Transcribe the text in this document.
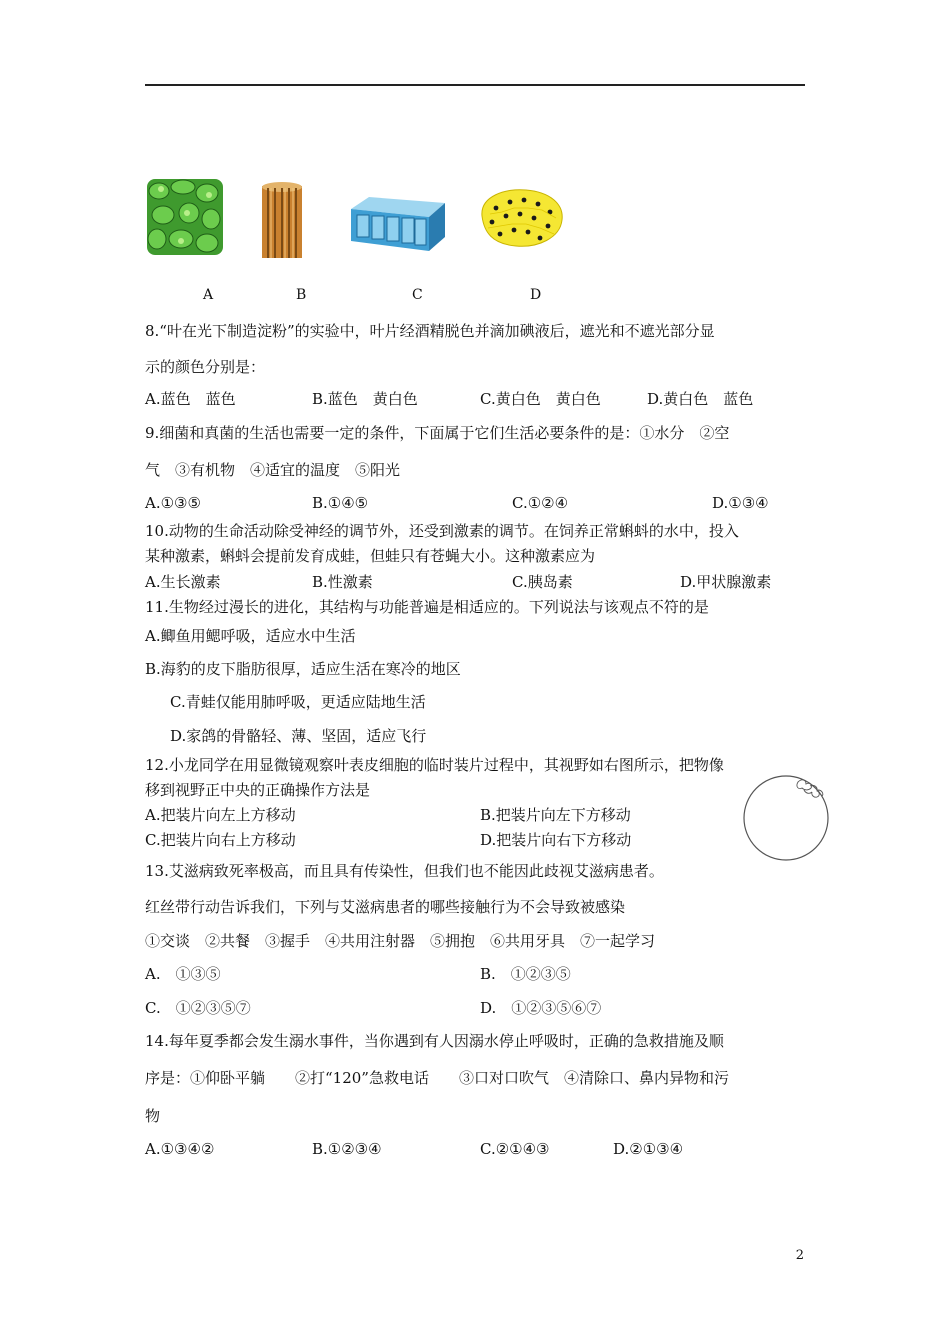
A	B	C	D
8.“叶在光下制造淀粉”的实验中，叶片经酒精脱色并滴加碘液后，遮光和不遮光部分显
示的颜色分别是：
A.蓝色　蓝色	B.蓝色　黄白色	C.黄白色　黄白色	D.黄白色　蓝色
9.细菌和真菌的生活也需要一定的条件，下面属于它们生活必要条件的是：①水分　②空
气　③有机物　④适宜的温度　⑤阳光
A.①③⑤	B.①④⑤	C.①②④	D.①③④
10.动物的生命活动除受神经的调节外，还受到激素的调节。在饲养正常蝌蚪的水中，投入
某种激素，蝌蚪会提前发育成蛙，但蛙只有苍蝇大小。这种激素应为
A.生长激素	B.性激素	C.胰岛素	D.甲状腺激素
11.生物经过漫长的进化，其结构与功能普遍是相适应的。下列说法与该观点不符的是
A.鲫鱼用鳃呼吸，适应水中生活
B.海豹的皮下脂肪很厚，适应生活在寒冷的地区
C.青蛙仅能用肺呼吸，更适应陆地生活
D.家鸽的骨骼轻、薄、坚固，适应飞行
12.小龙同学在用显微镜观察叶表皮细胞的临时装片过程中，其视野如右图所示，把物像
移到视野正中央的正确操作方法是
A.把装片向左上方移动	B.把装片向左下方移动
C.把装片向右上方移动	D.把装片向右下方移动
13.艾滋病致死率极高，而且具有传染性，但我们也不能因此歧视艾滋病患者。
红丝带行动告诉我们，下列与艾滋病患者的哪些接触行为不会导致被感染
①交谈　②共餐　③握手　④共用注射器　⑤拥抱　⑥共用牙具　⑦一起学习
A.　①③⑤	B.　①②③⑤
C.　①②③⑤⑦	D.　①②③⑤⑥⑦
14.每年夏季都会发生溺水事件，当你遇到有人因溺水停止呼吸时，正确的急救措施及顺
序是：①仰卧平躺　　②打“120”急救电话　　③口对口吹气　④清除口、鼻内异物和污
物
A.①③④②	B.①②③④	C.②①④③	D.②①③④
2
